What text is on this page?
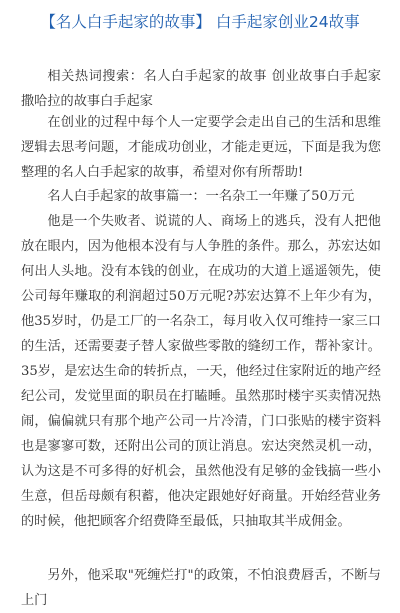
【名人白手起家的故事】 白手起家创业24故事

相关热词搜索：名人白手起家的故事 创业故事白手起家 撒哈拉的故事白手起家

在创业的过程中每个人一定要学会走出自己的生活和思维逻辑去思考问题，才能成功创业，才能走更远，下面是我为您整理的名人白手起家的故事，希望对你有所帮助!

名人白手起家的故事篇一：一名杂工一年赚了50万元

他是一个失败者、说谎的人、商场上的逃兵，没有人把他放在眼内，因为他根本没有与人争胜的条件。那么，苏宏达如何出人头地。没有本钱的创业，在成功的大道上遥遥领先，使公司每年赚取的利润超过50万元呢?苏宏达算不上年少有为，他35岁时，仍是工厂的一名杂工，每月收入仅可维持一家三口的生活，还需要妻子替人家做些零散的缝纫工作，帮补家计。35岁，是宏达生命的转折点，一天，他经过住家附近的地产经纪公司，发觉里面的职员在打瞌睡。虽然那时楼宇买卖情况热闹，偏偏就只有那个地产公司一片冷清，门口张贴的楼宇资料也是寥寥可数，还附出公司的顶让消息。宏达突然灵机一动，认为这是不可多得的好机会，虽然他没有足够的金钱搞一些小生意，但岳母颇有积蓄，他决定跟她好好商量。开始经营业务的时候，他把顾客介绍费降至最低，只抽取其半成佣金。

另外，他采取"死缠烂打"的政策，不怕浪费唇舌，不断与上门
